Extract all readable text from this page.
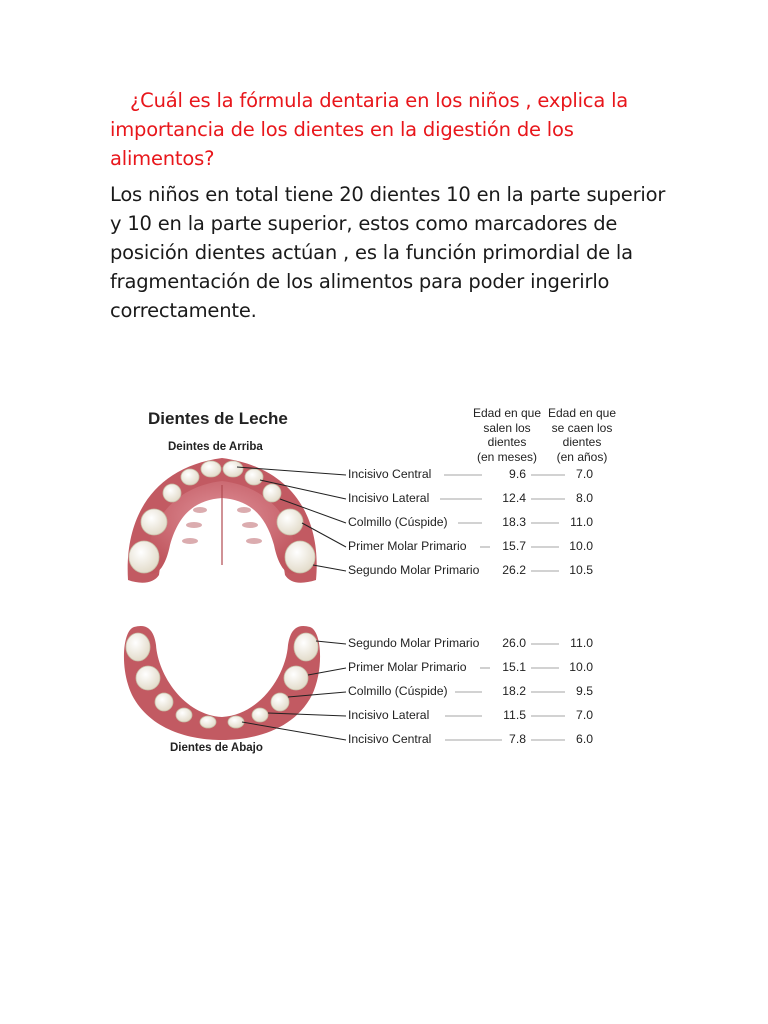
¿Cuál es la fórmula dentaria en los niños , explica la importancia de los dientes en la digestión de los alimentos?

Los niños en total tiene 20 dientes 10 en la parte superior y 10 en la parte superior, estos como marcadores de posición dientes actúan , es la función primordial de la fragmentación de los alimentos para poder ingerirlo correctamente.

Dientes de Leche
Deintes de Arriba
Dientes de Abajo
Edad en que
salen los
dientes
(en meses)
Edad en que
se caen los
dientes
(en años)
Incisivo Central	9.6	7.0
Incisivo Lateral	12.4	8.0
Colmillo (Cúspide)	18.3	11.0
Primer Molar Primario	15.7	10.0
Segundo Molar Primario	26.2	10.5
Segundo Molar Primario	26.0	11.0
Primer Molar Primario	15.1	10.0
Colmillo (Cúspide)	18.2	9.5
Incisivo Lateral	11.5	7.0
Incisivo Central	7.8	6.0
